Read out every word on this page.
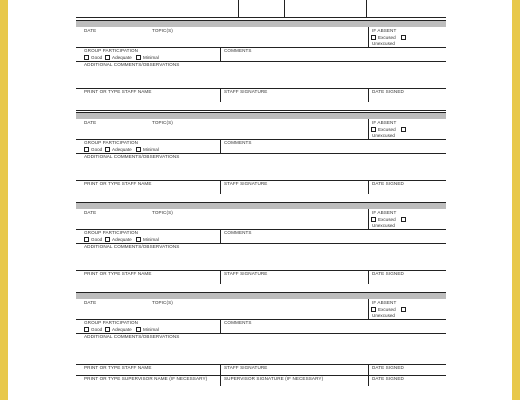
DATE	TOPIC(S)	IF ABSENT
Excused
Unexcused
GROUP PARTICIPATION	COMMENTS
Good Adequate Minimal
ADDITIONAL COMMENTS/OBSERVATIONS
PRINT OR TYPE STAFF NAME	STAFF SIGNATURE	DATE SIGNED
DATE	TOPIC(S)	IF ABSENT
Excused
Unexcused
GROUP PARTICIPATION	COMMENTS
Good Adequate Minimal
ADDITIONAL COMMENTS/OBSERVATIONS
PRINT OR TYPE STAFF NAME	STAFF SIGNATURE	DATE SIGNED
DATE	TOPIC(S)	IF ABSENT
Excused
Unexcused
GROUP PARTICIPATION	COMMENTS
Good Adequate Minimal
ADDITIONAL COMMENTS/OBSERVATIONS
PRINT OR TYPE STAFF NAME	STAFF SIGNATURE	DATE SIGNED
DATE	TOPIC(S)	IF ABSENT
Excused
Unexcused
GROUP PARTICIPATION	COMMENTS
Good Adequate Minimal
ADDITIONAL COMMENTS/OBSERVATIONS
PRINT OR TYPE STAFF NAME	STAFF SIGNATURE	DATE SIGNED
PRINT OR TYPE SUPERVISOR NAME (IF NECESSARY)	SUPERVISOR SIGNATURE (IF NECESSARY)	DATE SIGNED
